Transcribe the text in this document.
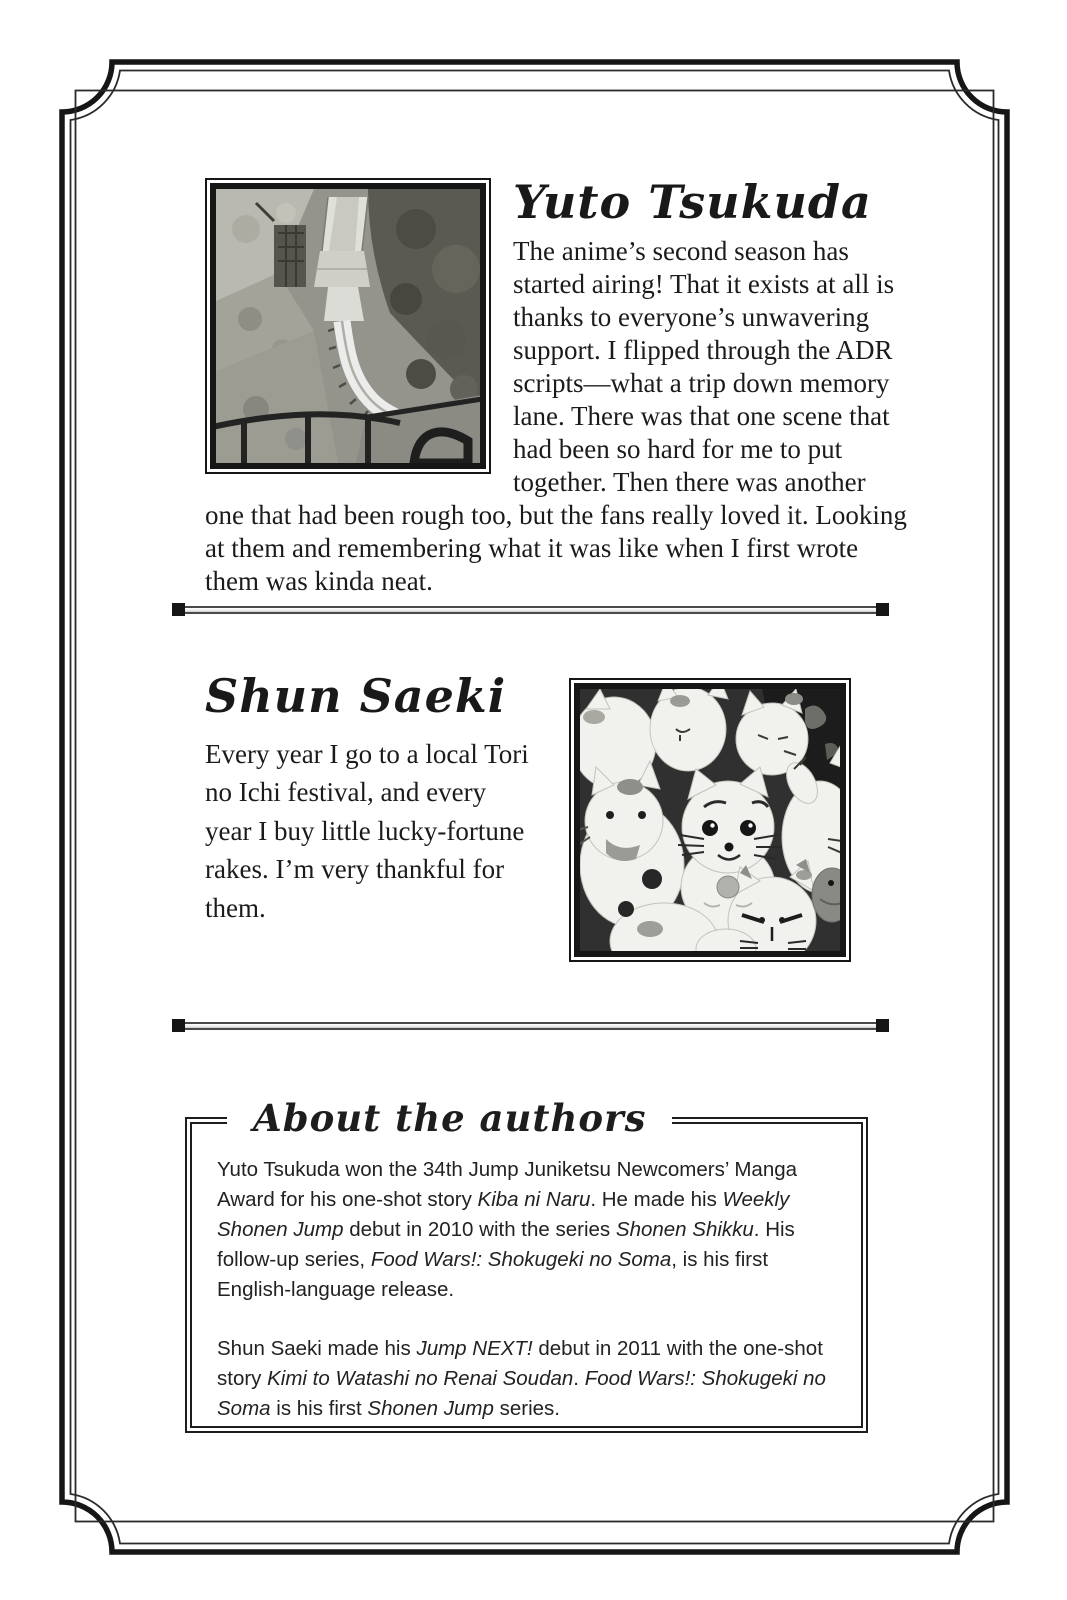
Yuto Tsukuda
The anime’s second season has started airing! That it exists at all is thanks to everyone’s unwavering support. I flipped through the ADR scripts—what a trip down memory lane. There was that one scene that had been so hard for me to put together. Then there was another one that had been rough too, but the fans really loved it. Looking at them and remembering what it was like when I first wrote them was kinda neat.
Shun Saeki
Every year I go to a local Tori no Ichi festival, and every year I buy little lucky-fortune rakes. I’m very thankful for them.
About the authors

Yuto Tsukuda won the 34th Jump Juniketsu Newcomers’ Manga Award for his one-shot story Kiba ni Naru. He made his Weekly Shonen Jump debut in 2010 with the series Shonen Shikku. His follow-up series, Food Wars!: Shokugeki no Soma, is his first English-language release.

Shun Saeki made his Jump NEXT! debut in 2011 with the one-shot story Kimi to Watashi no Renai Soudan. Food Wars!: Shokugeki no Soma is his first Shonen Jump series.
